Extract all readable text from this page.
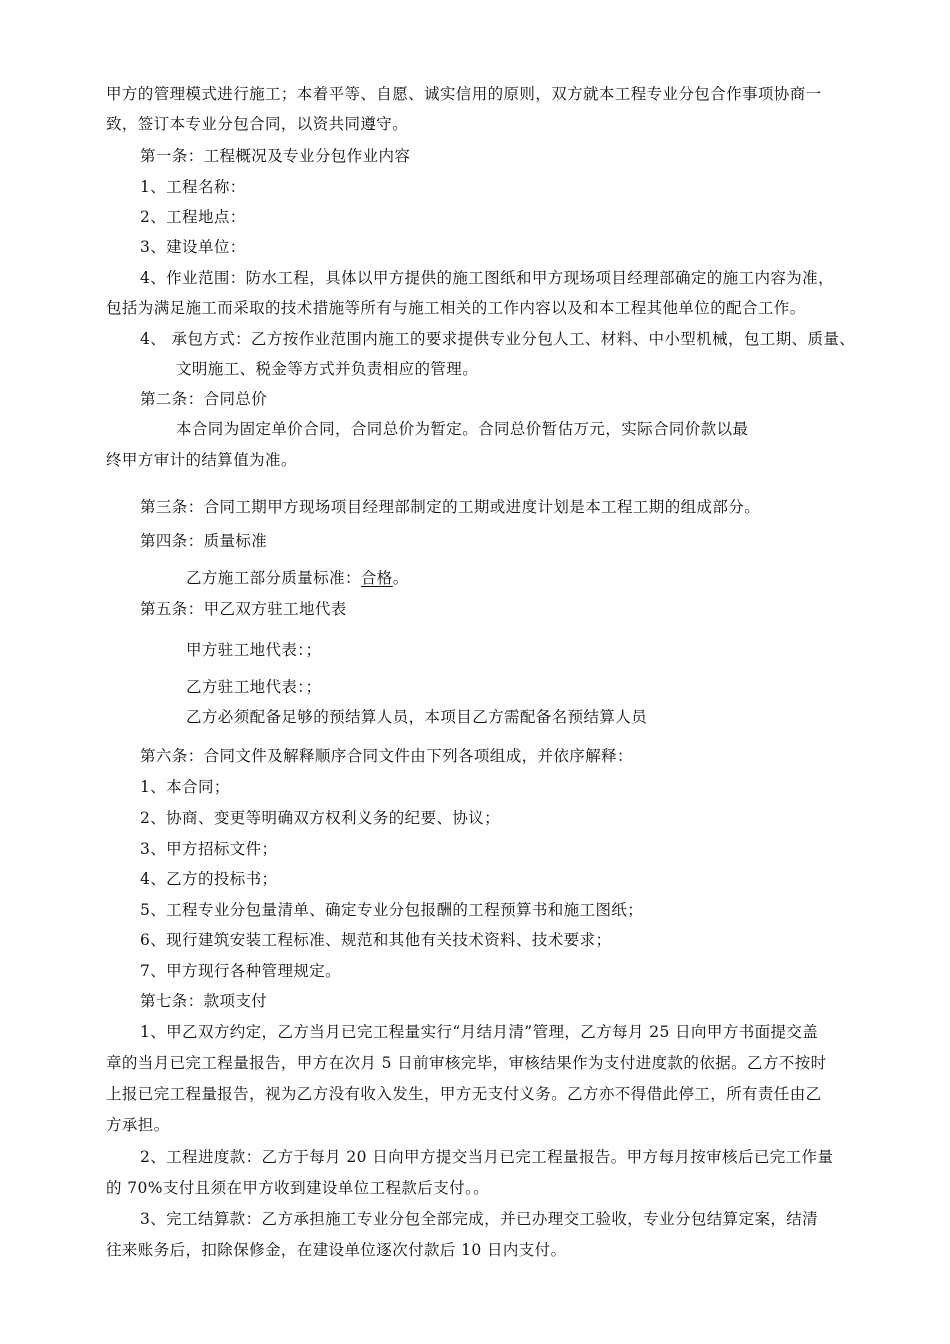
甲方的管理模式进行施工；本着平等、自愿、诚实信用的原则，双方就本工程专业分包合作事项协商一
致，签订本专业分包合同，以资共同遵守。
第一条：工程概况及专业分包作业内容
1、工程名称：
2、工程地点：
3、建设单位：
4、作业范围：防水工程，具体以甲方提供的施工图纸和甲方现场项目经理部确定的施工内容为准，
包括为满足施工而采取的技术措施等所有与施工相关的工作内容以及和本工程其他单位的配合工作。
4、 承包方式：乙方按作业范围内施工的要求提供专业分包人工、材料、中小型机械，包工期、质量、
文明施工、税金等方式并负责相应的管理。
第二条：合同总价
本合同为固定单价合同，合同总价为暂定。合同总价暂估万元，实际合同价款以最
终甲方审计的结算值为准。
第三条：合同工期甲方现场项目经理部制定的工期或进度计划是本工程工期的组成部分。
第四条：质量标准
乙方施工部分质量标准：合格。
第五条：甲乙双方驻工地代表
甲方驻工地代表：；
乙方驻工地代表：；
乙方必须配备足够的预结算人员，本项目乙方需配备名预结算人员
第六条：合同文件及解释顺序合同文件由下列各项组成，并依序解释：
1、本合同；
2、协商、变更等明确双方权利义务的纪要、协议；
3、甲方招标文件；
4、乙方的投标书；
5、工程专业分包量清单、确定专业分包报酬的工程预算书和施工图纸；
6、现行建筑安装工程标准、规范和其他有关技术资料、技术要求；
7、甲方现行各种管理规定。
第七条：款项支付
1、甲乙双方约定，乙方当月已完工程量实行“月结月清”管理，乙方每月 25 日向甲方书面提交盖
章的当月已完工程量报告，甲方在次月 5 日前审核完毕，审核结果作为支付进度款的依据。乙方不按时
上报已完工程量报告，视为乙方没有收入发生，甲方无支付义务。乙方亦不得借此停工，所有责任由乙
方承担。
2、工程进度款：乙方于每月 20 日向甲方提交当月已完工程量报告。甲方每月按审核后已完工作量
的 70%支付且须在甲方收到建设单位工程款后支付。。
3、完工结算款：乙方承担施工专业分包全部完成，并已办理交工验收，专业分包结算定案，结清
往来账务后，扣除保修金，在建设单位逐次付款后 10 日内支付。
